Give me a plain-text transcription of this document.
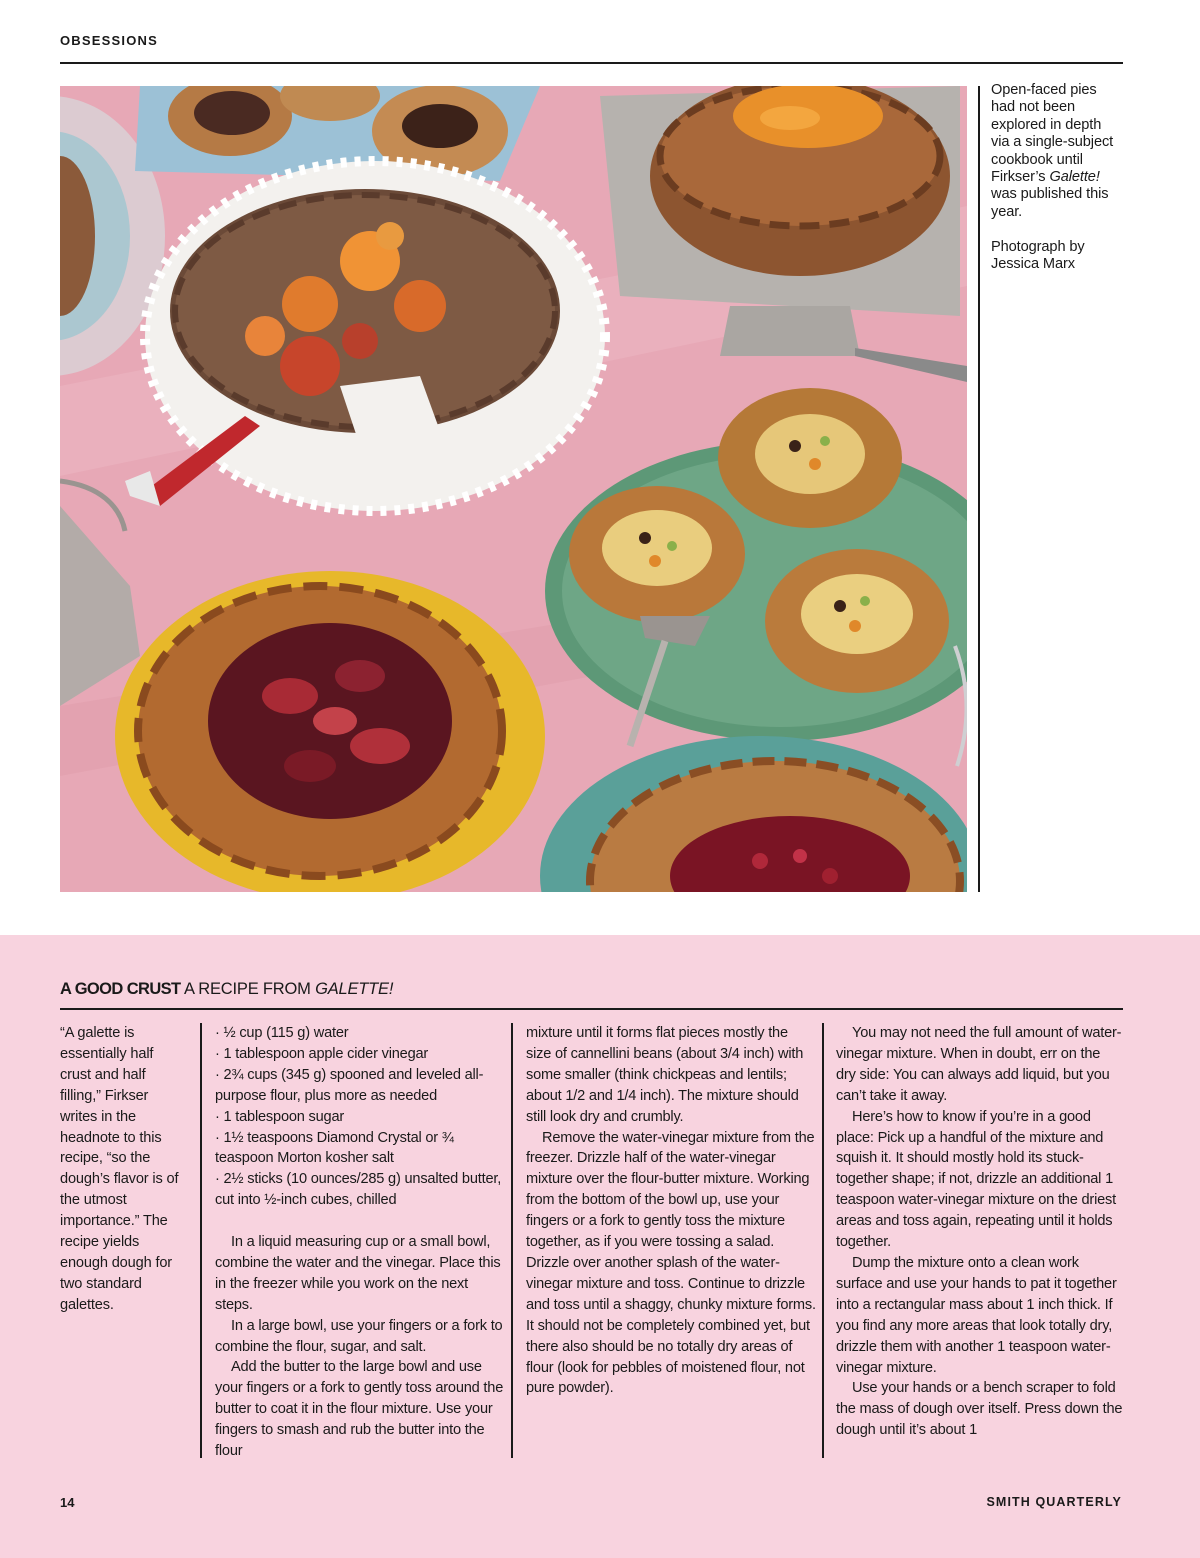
OBSESSIONS

Open-faced pies had not been explored in depth via a single-subject cookbook until Firkser’s Galette! was published this year.

Photograph by Jessica Marx

A GOOD CRUST A RECIPE FROM GALETTE!
“A galette is essentially half crust and half filling,” Firkser writes in the headnote to this recipe, “so the dough’s flavor is of the utmost importance.” The recipe yields enough dough for two standard galettes.

· ½ cup (115 g) water

· 1 tablespoon apple cider vinegar

· 2¾ cups (345 g) spooned and leveled all-purpose flour, plus more as needed

· 1 tablespoon sugar

· 1½ teaspoons Diamond Crystal or ¾ teaspoon Morton kosher salt

· 2½ sticks (10 ounces/285 g) unsalted butter, cut into ½-inch cubes, chilled

In a liquid measuring cup or a small bowl, combine the water and the vinegar. Place this in the freezer while you work on the next steps.

In a large bowl, use your fingers or a fork to combine the flour, sugar, and salt.

Add the butter to the large bowl and use your fingers or a fork to gently toss around the butter to coat it in the flour mixture. Use your fingers to smash and rub the butter into the flour

mixture until it forms flat pieces mostly the size of cannellini beans (about 3/4 inch) with some smaller (think chickpeas and lentils; about 1/2 and 1/4 inch). The mixture should still look dry and crumbly.

Remove the water-vinegar mixture from the freezer. Drizzle half of the water-vinegar mixture over the flour-butter mixture. Working from the bottom of the bowl up, use your fingers or a fork to gently toss the mixture together, as if you were tossing a salad. Drizzle over another splash of the water-vinegar mixture and toss. Continue to drizzle and toss until a shaggy, chunky mixture forms. It should not be completely combined yet, but there also should be no totally dry areas of flour (look for pebbles of moistened flour, not pure powder).

You may not need the full amount of water-vinegar mixture. When in doubt, err on the dry side: You can always add liquid, but you can’t take it away.

Here’s how to know if you’re in a good place: Pick up a handful of the mixture and squish it. It should mostly hold its stuck-together shape; if not, drizzle an additional 1 teaspoon water-vinegar mixture on the driest areas and toss again, repeating until it holds together.

Dump the mixture onto a clean work surface and use your hands to pat it together into a rectangular mass about 1 inch thick. If you find any more areas that look totally dry, drizzle them with another 1 teaspoon water-vinegar mixture.

Use your hands or a bench scraper to fold the mass of dough over itself. Press down the dough until it’s about 1

14	SMITH QUARTERLY
